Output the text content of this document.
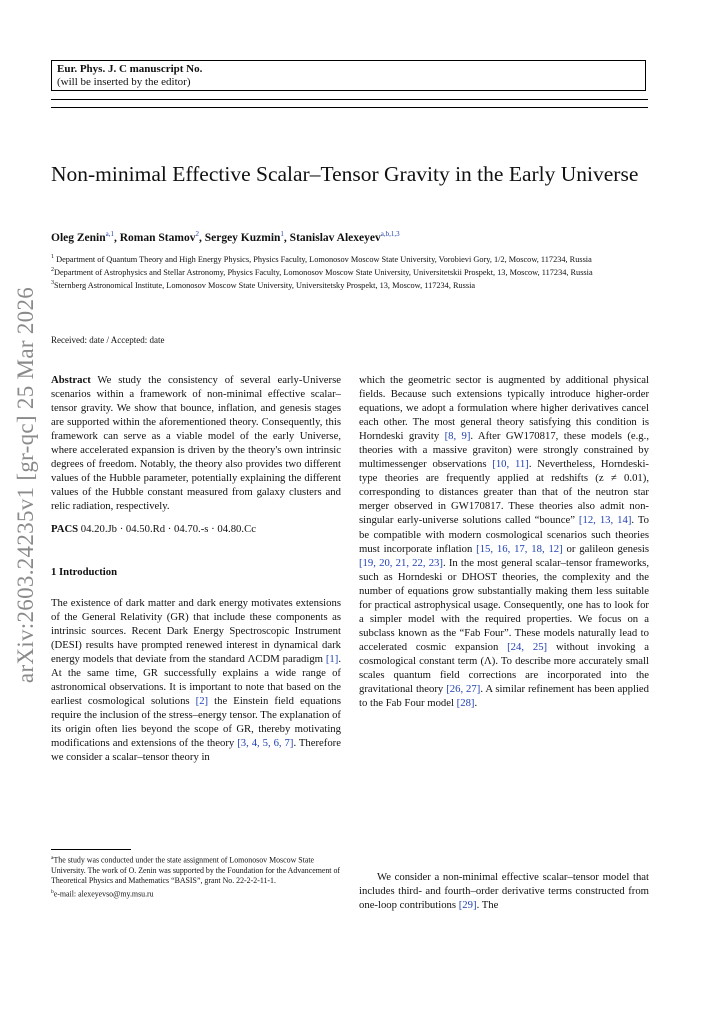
arXiv:2603.24235v1 [gr-qc] 25 Mar 2026
Eur. Phys. J. C manuscript No.
(will be inserted by the editor)
Non-minimal Effective Scalar–Tensor Gravity in the Early Universe
Oleg Zenin$^{a,1}$, Roman Stamov$^2$, Sergey Kuzmin$^1$, Stanislav Alexeyev$^{a,b,1,3}$

$^1$ Department of Quantum Theory and High Energy Physics, Physics Faculty, Lomonosov Moscow State University, Vorobievi Gory, 1/2, Moscow, 117234, Russia

$^2$Department of Astrophysics and Stellar Astronomy, Physics Faculty, Lomonosov Moscow State University, Universitetskii Prospekt, 13, Moscow, 117234, Russia

$^3$Sternberg Astronomical Institute, Lomonosov Moscow State University, Universitetsky Prospekt, 13, Moscow, 117234, Russia

Received: date / Accepted: date

Abstract We study the consistency of several early-Universe scenarios within a framework of non-minimal effective scalar–tensor gravity. We show that bounce, inflation, and genesis stages are supported within the aforementioned theory. Consequently, this framework can serve as a viable model of the early Universe, where accelerated expansion is driven by the theory's own intrinsic degrees of freedom. Notably, the theory also provides two different values of the Hubble parameter, potentially explaining the different values of the Hubble constant measured from galaxy clusters and relic radiation, respectively.

PACS 04.20.Jb · 04.50.Rd · 04.70.-s · 04.80.Cc

1 Introduction

The existence of dark matter and dark energy motivates extensions of the General Relativity (GR) that include these components as intrinsic sources. Recent Dark Energy Spectroscopic Instrument (DESI) results have prompted renewed interest in dynamical dark energy models that deviate from the standard ΛCDM paradigm [1]. At the same time, GR successfully explains a wide range of astronomical observations. It is important to note that based on the earliest cosmological solutions [2] the Einstein field equations require the inclusion of the stress–energy tensor. The explanation of its origin often lies beyond the scope of GR, thereby motivating modifications and extensions of the theory [3, 4, 5, 6, 7]. Therefore we consider a scalar–tensor theory in

$^a$The study was conducted under the state assignment of Lomonosov Moscow State University. The work of O. Zenin was supported by the Foundation for the Advancement of Theoretical Physics and Mathematics “BASIS”, grant No. 22-2-2-11-1.

$^b$e-mail: alexeyevso@my.msu.ru

which the geometric sector is augmented by additional physical fields. Because such extensions typically introduce higher-order equations, we adopt a formulation where higher derivatives cancel each other. The most general theory satisfying this condition is Horndeski gravity [8, 9]. After GW170817, these models (e.g., theories with a massive graviton) were strongly constrained by multimessenger observations [10, 11]. Nevertheless, Horndeski-type theories are frequently applied at redshifts (z ≠ 0.01), corresponding to distances greater than that of the neutron star merger observed in GW170817. These theories also admit non-singular early-universe solutions called “bounce” [12, 13, 14]. To be compatible with modern cosmological scenarios such theories must incorporate inflation [15, 16, 17, 18, 12] or galileon genesis [19, 20, 21, 22, 23]. In the most general scalar–tensor frameworks, such as Horndeski or DHOST theories, the complexity and the number of equations grow substantially making them less suitable for practical astrophysical usage. Consequently, one has to look for a simpler model with the required properties. We focus on a subclass known as the “Fab Four”. These models naturally lead to accelerated cosmic expansion [24, 25] without invoking a cosmological constant term (Λ). To describe more accurately small scales quantum field corrections are incorporated into the gravitational theory [26, 27]. A similar refinement has been applied to the Fab Four model [28].

We consider a non-minimal effective scalar–tensor model that includes third- and fourth–order derivative terms constructed from one-loop contributions [29]. The
